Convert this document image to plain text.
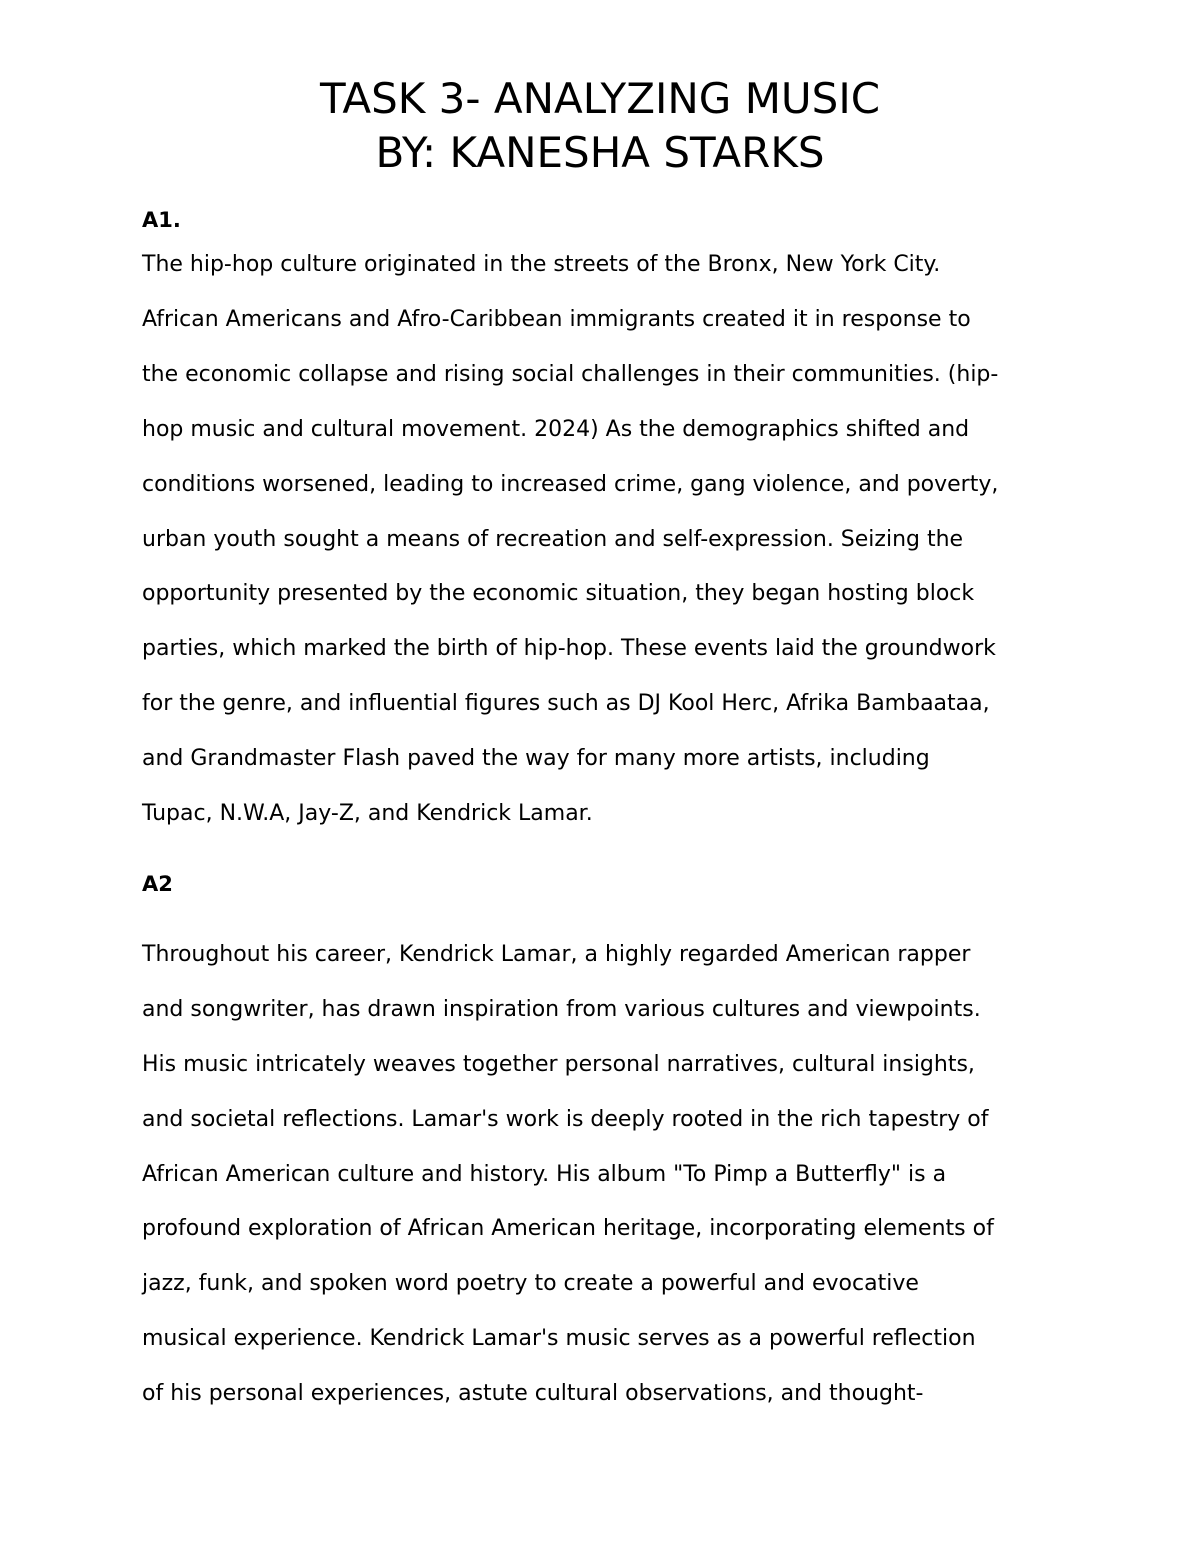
TASK 3- ANALYZING MUSIC
BY: KANESHA STARKS
A1.

The hip-hop culture originated in the streets of the Bronx, New York City.

African Americans and Afro-Caribbean immigrants created it in response to

the economic collapse and rising social challenges in their communities. (hip-

hop music and cultural movement. 2024) As the demographics shifted and

conditions worsened, leading to increased crime, gang violence, and poverty,

urban youth sought a means of recreation and self-expression. Seizing the

opportunity presented by the economic situation, they began hosting block

parties, which marked the birth of hip-hop. These events laid the groundwork

for the genre, and influential figures such as DJ Kool Herc, Afrika Bambaataa,

and Grandmaster Flash paved the way for many more artists, including

Tupac, N.W.A, Jay-Z, and Kendrick Lamar.

A2

Throughout his career, Kendrick Lamar, a highly regarded American rapper

and songwriter, has drawn inspiration from various cultures and viewpoints.

His music intricately weaves together personal narratives, cultural insights,

and societal reflections. Lamar's work is deeply rooted in the rich tapestry of

African American culture and history. His album "To Pimp a Butterfly" is a

profound exploration of African American heritage, incorporating elements of

jazz, funk, and spoken word poetry to create a powerful and evocative

musical experience. Kendrick Lamar's music serves as a powerful reflection

of his personal experiences, astute cultural observations, and thought-
